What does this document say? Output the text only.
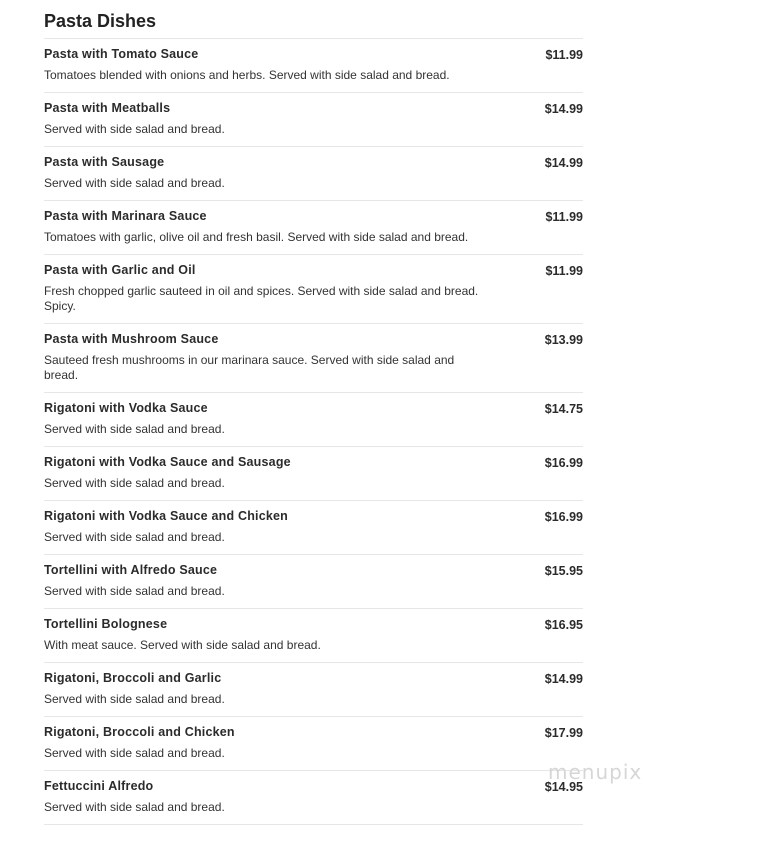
Pasta Dishes
Pasta with Tomato Sauce	$11.99
Tomatoes blended with onions and herbs. Served with side salad and bread.
Pasta with Meatballs	$14.99
Served with side salad and bread.
Pasta with Sausage	$14.99
Served with side salad and bread.
Pasta with Marinara Sauce	$11.99
Tomatoes with garlic, olive oil and fresh basil. Served with side salad and bread.
Pasta with Garlic and Oil	$11.99
Fresh chopped garlic sauteed in oil and spices. Served with side salad and bread. Spicy.
Pasta with Mushroom Sauce	$13.99
Sauteed fresh mushrooms in our marinara sauce. Served with side salad and bread.
Rigatoni with Vodka Sauce	$14.75
Served with side salad and bread.
Rigatoni with Vodka Sauce and Sausage	$16.99
Served with side salad and bread.
Rigatoni with Vodka Sauce and Chicken	$16.99
Served with side salad and bread.
Tortellini with Alfredo Sauce	$15.95
Served with side salad and bread.
Tortellini Bolognese	$16.95
With meat sauce. Served with side salad and bread.
Rigatoni, Broccoli and Garlic	$14.99
Served with side salad and bread.
Rigatoni, Broccoli and Chicken	$17.99
Served with side salad and bread.
Fettuccini Alfredo	$14.95
Served with side salad and bread.
menupix
